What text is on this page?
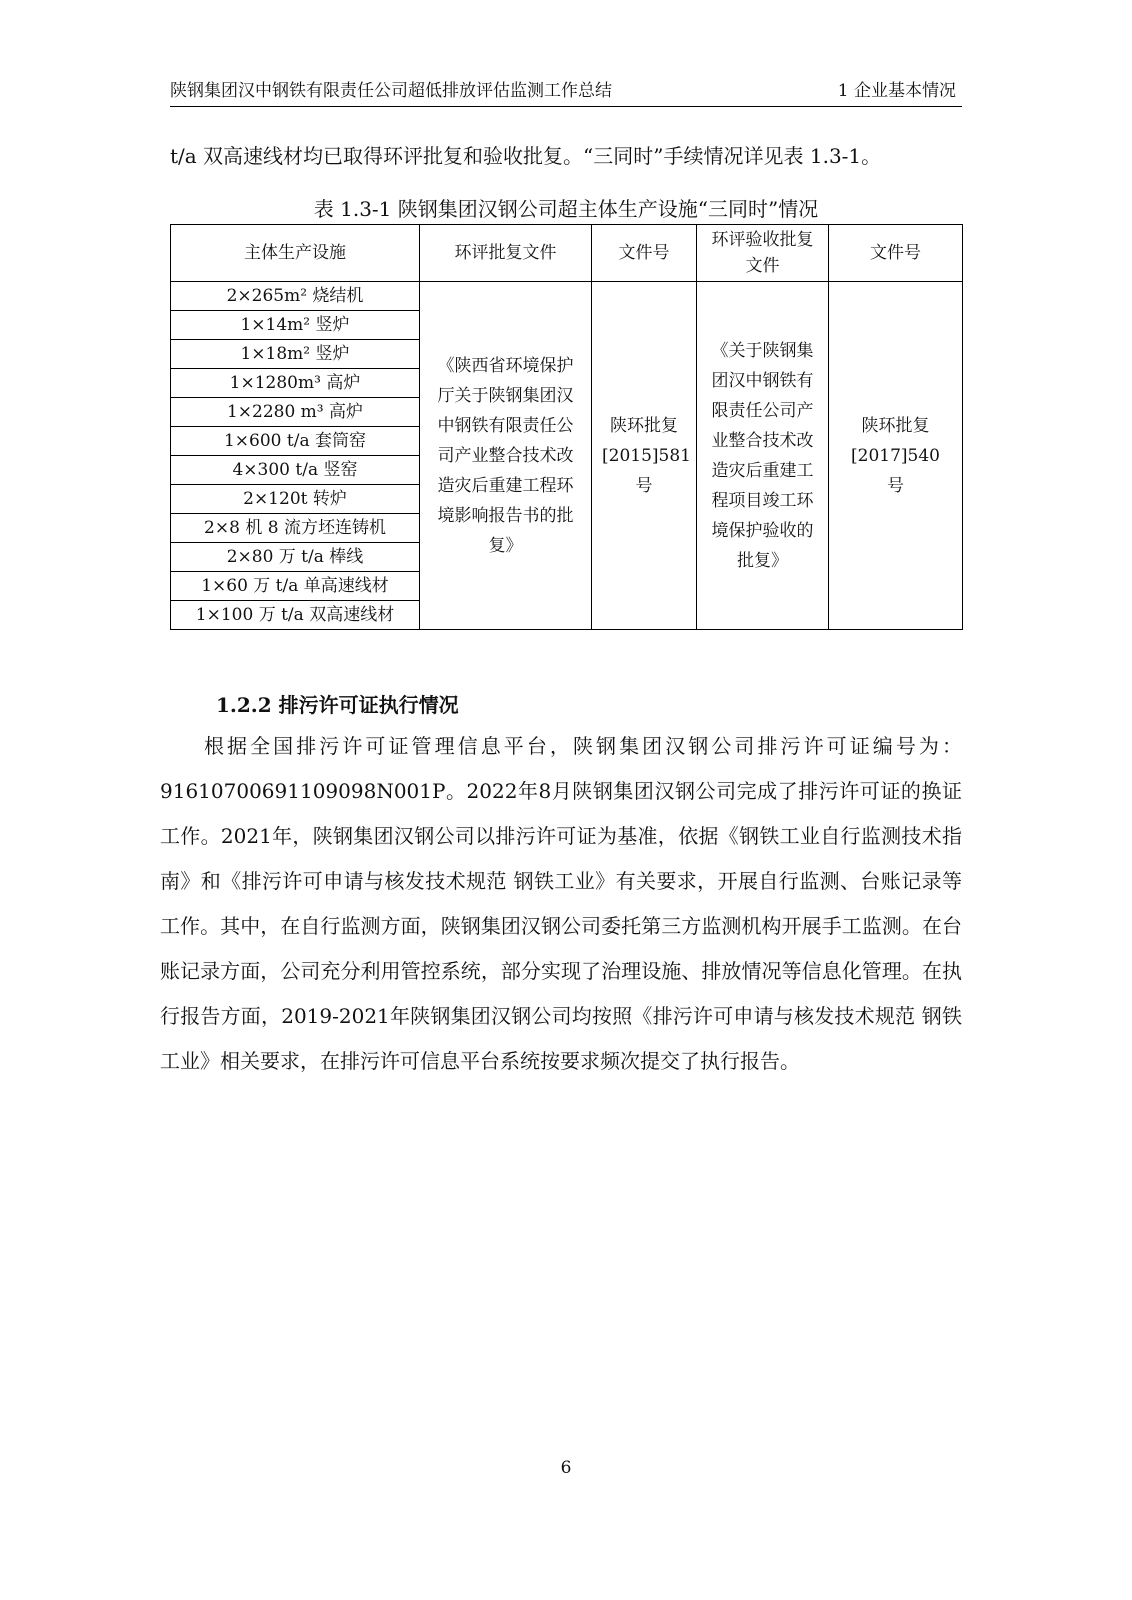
陕钢集团汉中钢铁有限责任公司超低排放评估监测工作总结	1 企业基本情况
t/a 双高速线材均已取得环评批复和验收批复。“三同时”手续情况详见表 1.3-1。
表 1.3-1 陕钢集团汉钢公司超主体生产设施“三同时”情况
主体生产设施	环评批复文件	文件号	环评验收批复文件	文件号
2×265m² 烧结机	《陕西省环境保护厅关于陕钢集团汉中钢铁有限责任公司产业整合技术改造灾后重建工程环境影响报告书的批复》	陕环批复[2015]581号	《关于陕钢集团汉中钢铁有限责任公司产业整合技术改造灾后重建工程项目竣工环境保护验收的批复》	陕环批复[2017]540号
1×14m² 竖炉				
1×18m² 竖炉				
1×1280m³ 高炉				
1×2280 m³ 高炉				
1×600 t/a 套筒窑				
4×300 t/a 竖窑				
2×120t 转炉				
2×8 机 8 流方坯连铸机				
2×80 万 t/a 棒线				
1×60 万 t/a 单高速线材				
1×100 万 t/a 双高速线材				
1.2.2 排污许可证执行情况

根据全国排污许可证管理信息平台，陕钢集团汉钢公司排污许可证编号为：91610700691109098N001P。2022年8月陕钢集团汉钢公司完成了排污许可证的换证工作。2021年，陕钢集团汉钢公司以排污许可证为基准，依据《钢铁工业自行监测技术指南》和《排污许可申请与核发技术规范 钢铁工业》有关要求，开展自行监测、台账记录等工作。其中，在自行监测方面，陕钢集团汉钢公司委托第三方监测机构开展手工监测。在台账记录方面，公司充分利用管控系统，部分实现了治理设施、排放情况等信息化管理。在执行报告方面，2019-2021年陕钢集团汉钢公司均按照《排污许可申请与核发技术规范 钢铁工业》相关要求，在排污许可信息平台系统按要求频次提交了执行报告。

6
